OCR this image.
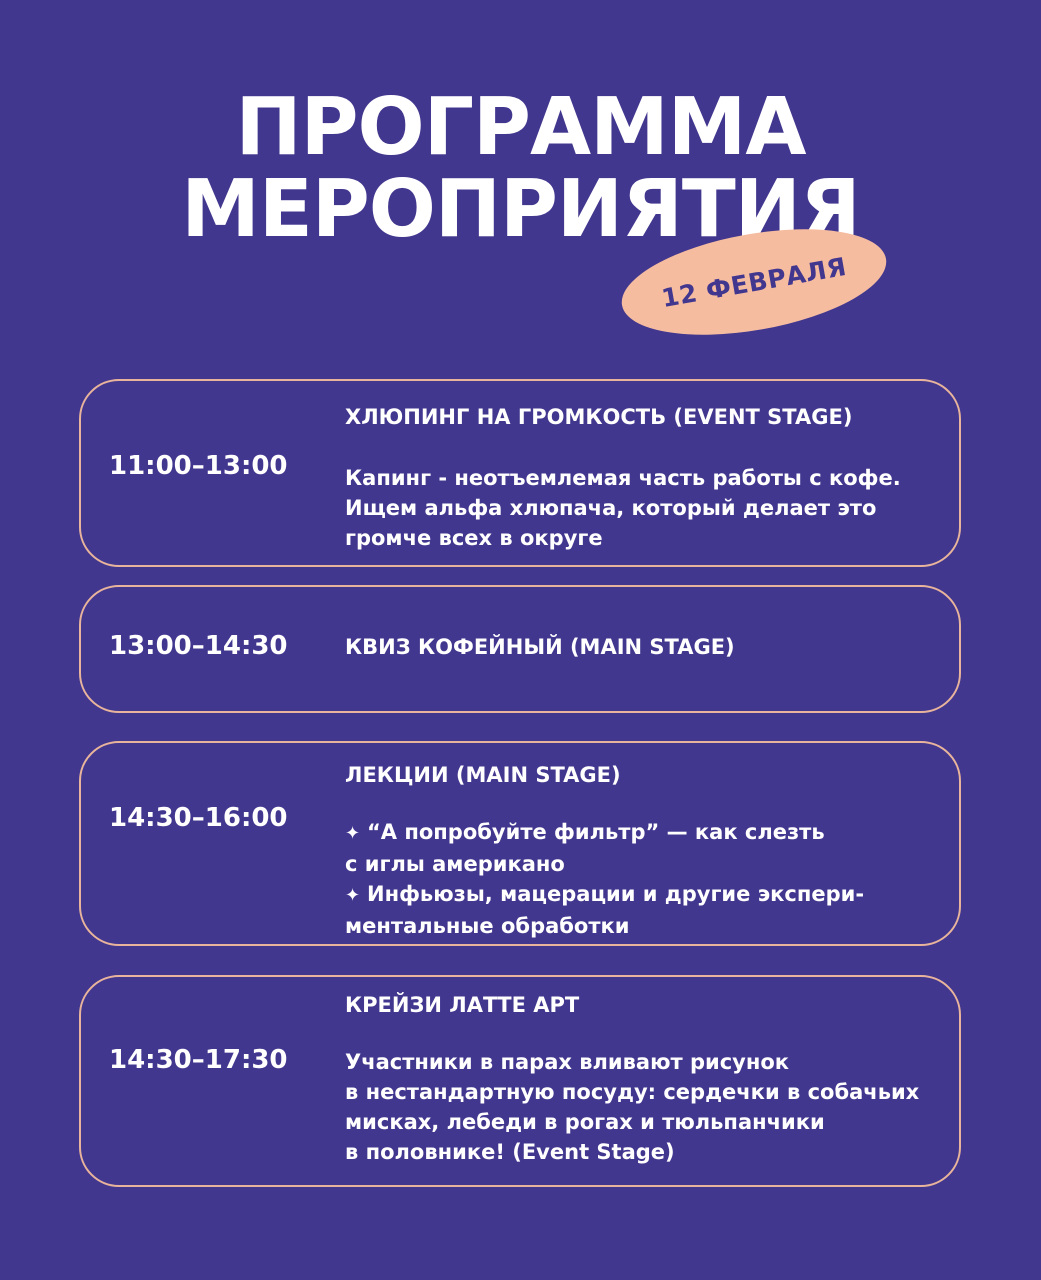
ПРОГРАММА
МЕРОПРИЯТИЯ
12 ФЕВРАЛЯ
11:00–13:00
ХЛЮПИНГ НА ГРОМКОСТЬ (EVENT STAGE)
Капинг - неотъемлемая часть работы с кофе.
Ищем альфа хлюпача, который делает это
громче всех в округе
13:00–14:30	КВИЗ КОФЕЙНЫЙ (MAIN STAGE)
14:30–16:00
ЛЕКЦИИ (MAIN STAGE)
✦ “А попробуйте фильтр” — как слезть
с иглы американо
✦ Инфьюзы, мацерации и другие экспери-
ментальные обработки
14:30–17:30
КРЕЙЗИ ЛАТТЕ АРТ
Участники в парах вливают рисунок
в нестандартную посуду: сердечки в собачьих
мисках, лебеди в рогах и тюльпанчики
в половнике! (Event Stage)
